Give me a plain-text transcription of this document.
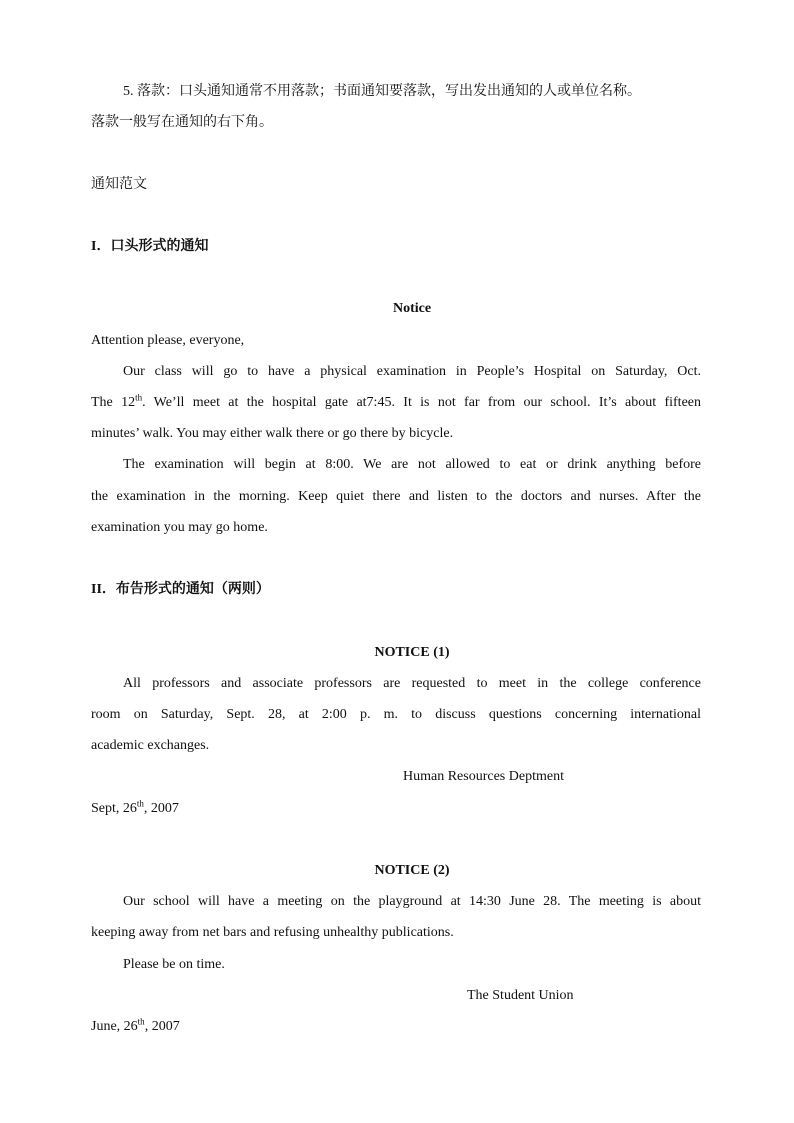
5. 落款：口头通知通常不用落款；书面通知要落款，写出发出通知的人或单位名称。

落款一般写在通知的右下角。

通知范文

I．口头形式的通知

Notice

Attention please, everyone,

Our class will go to have a physical examination in People’s Hospital on Saturday, Oct.

The 12th. We’ll meet at the hospital gate at7:45. It is not far from our school. It’s about fifteen

minutes’ walk. You may either walk there or go there by bicycle.

The examination will begin at 8:00. We are not allowed to eat or drink anything before

the examination in the morning. Keep quiet there and listen to the doctors and nurses. After the

examination you may go home.

II．布告形式的通知（两则）

NOTICE (1)

All professors and associate professors are requested to meet in the college conference

room on Saturday, Sept. 28, at 2:00 p. m. to discuss questions concerning international

academic exchanges.

Human Resources Deptment

Sept, 26th, 2007

NOTICE (2)

Our school will have a meeting on the playground at 14:30 June 28. The meeting is about

keeping away from net bars and refusing unhealthy publications.

Please be on time.

The Student Union

June, 26th, 2007
